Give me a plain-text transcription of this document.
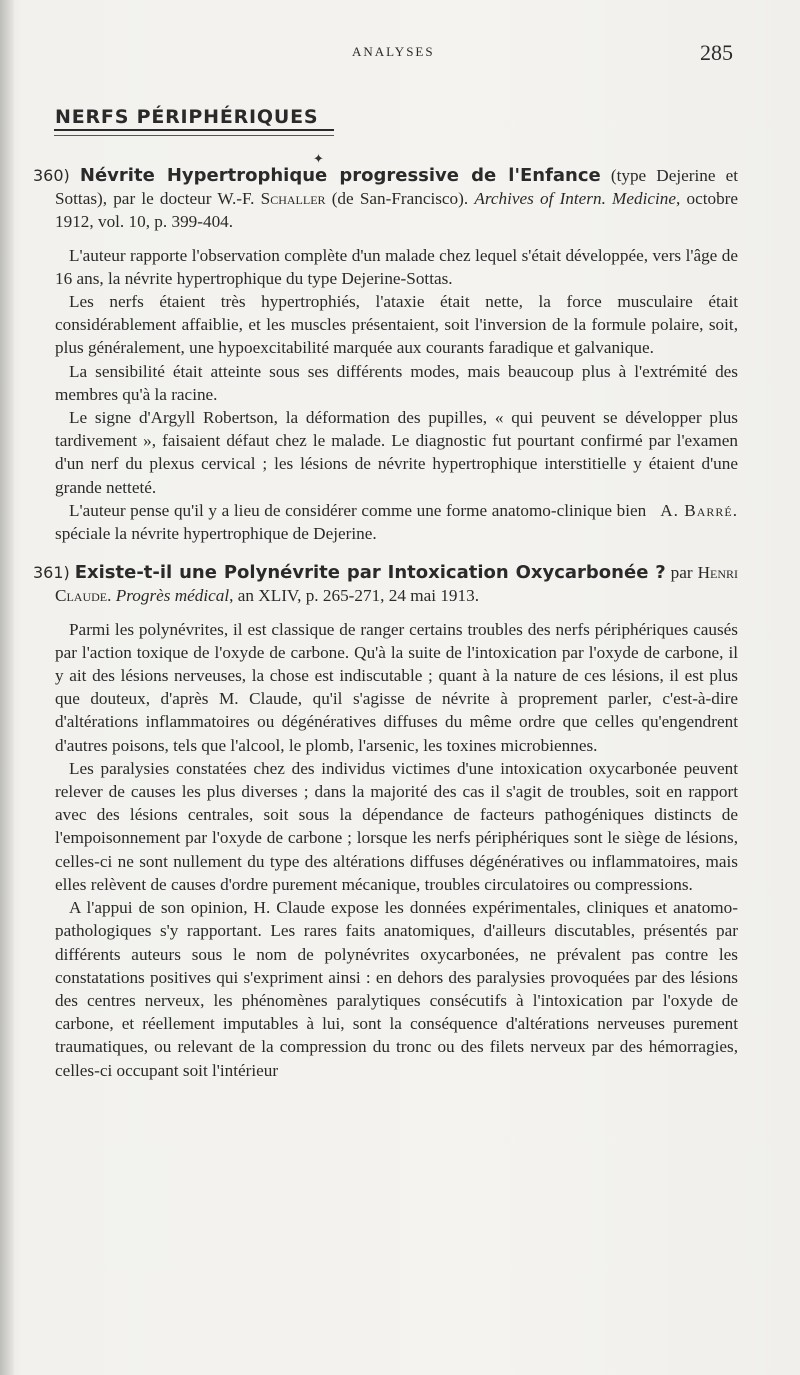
ANALYSES	285
NERFS PÉRIPHÉRIQUES
✦

360) Névrite Hypertrophique progressive de l'Enfance (type Dejerine et Sottas), par le docteur W.-F. Schaller (de San-Francisco). Archives of Intern. Medicine, octobre 1912, vol. 10, p. 399-404.

L'auteur rapporte l'observation complète d'un malade chez lequel s'était développée, vers l'âge de 16 ans, la névrite hypertrophique du type Dejerine-Sottas.

Les nerfs étaient très hypertrophiés, l'ataxie était nette, la force musculaire était considérablement affaiblie, et les muscles présentaient, soit l'inversion de la formule polaire, soit, plus généralement, une hypoexcitabilité marquée aux courants faradique et galvanique.

La sensibilité était atteinte sous ses différents modes, mais beaucoup plus à l'extrémité des membres qu'à la racine.

Le signe d'Argyll Robertson, la déformation des pupilles, « qui peuvent se développer plus tardivement », faisaient défaut chez le malade. Le diagnostic fut pourtant confirmé par l'examen d'un nerf du plexus cervical ; les lésions de névrite hypertrophique interstitielle y étaient d'une grande netteté.

A. Barré.
L'auteur pense qu'il y a lieu de considérer comme une forme anatomo-clinique bien spéciale la névrite hypertrophique de Dejerine.

361) Existe-t-il une Polynévrite par Intoxication Oxycarbonée ? par Henri Claude. Progrès médical, an XLIV, p. 265-271, 24 mai 1913.

Parmi les polynévrites, il est classique de ranger certains troubles des nerfs périphériques causés par l'action toxique de l'oxyde de carbone. Qu'à la suite de l'intoxication par l'oxyde de carbone, il y ait des lésions nerveuses, la chose est indiscutable ; quant à la nature de ces lésions, il est plus que douteux, d'après M. Claude, qu'il s'agisse de névrite à proprement parler, c'est-à-dire d'altérations inflammatoires ou dégénératives diffuses du même ordre que celles qu'engendrent d'autres poisons, tels que l'alcool, le plomb, l'arsenic, les toxines microbiennes.

Les paralysies constatées chez des individus victimes d'une intoxication oxycarbonée peuvent relever de causes les plus diverses ; dans la majorité des cas il s'agit de troubles, soit en rapport avec des lésions centrales, soit sous la dépendance de facteurs pathogéniques distincts de l'empoisonnement par l'oxyde de carbone ; lorsque les nerfs périphériques sont le siège de lésions, celles-ci ne sont nullement du type des altérations diffuses dégénératives ou inflammatoires, mais elles relèvent de causes d'ordre purement mécanique, troubles circulatoires ou compressions.

A l'appui de son opinion, H. Claude expose les données expérimentales, cliniques et anatomo-pathologiques s'y rapportant. Les rares faits anatomiques, d'ailleurs discutables, présentés par différents auteurs sous le nom de polynévrites oxycarbonées, ne prévalent pas contre les constatations positives qui s'expriment ainsi : en dehors des paralysies provoquées par des lésions des centres nerveux, les phénomènes paralytiques consécutifs à l'intoxication par l'oxyde de carbone, et réellement imputables à lui, sont la conséquence d'altérations nerveuses purement traumatiques, ou relevant de la compression du tronc ou des filets nerveux par des hémorragies, celles-ci occupant soit l'intérieur
